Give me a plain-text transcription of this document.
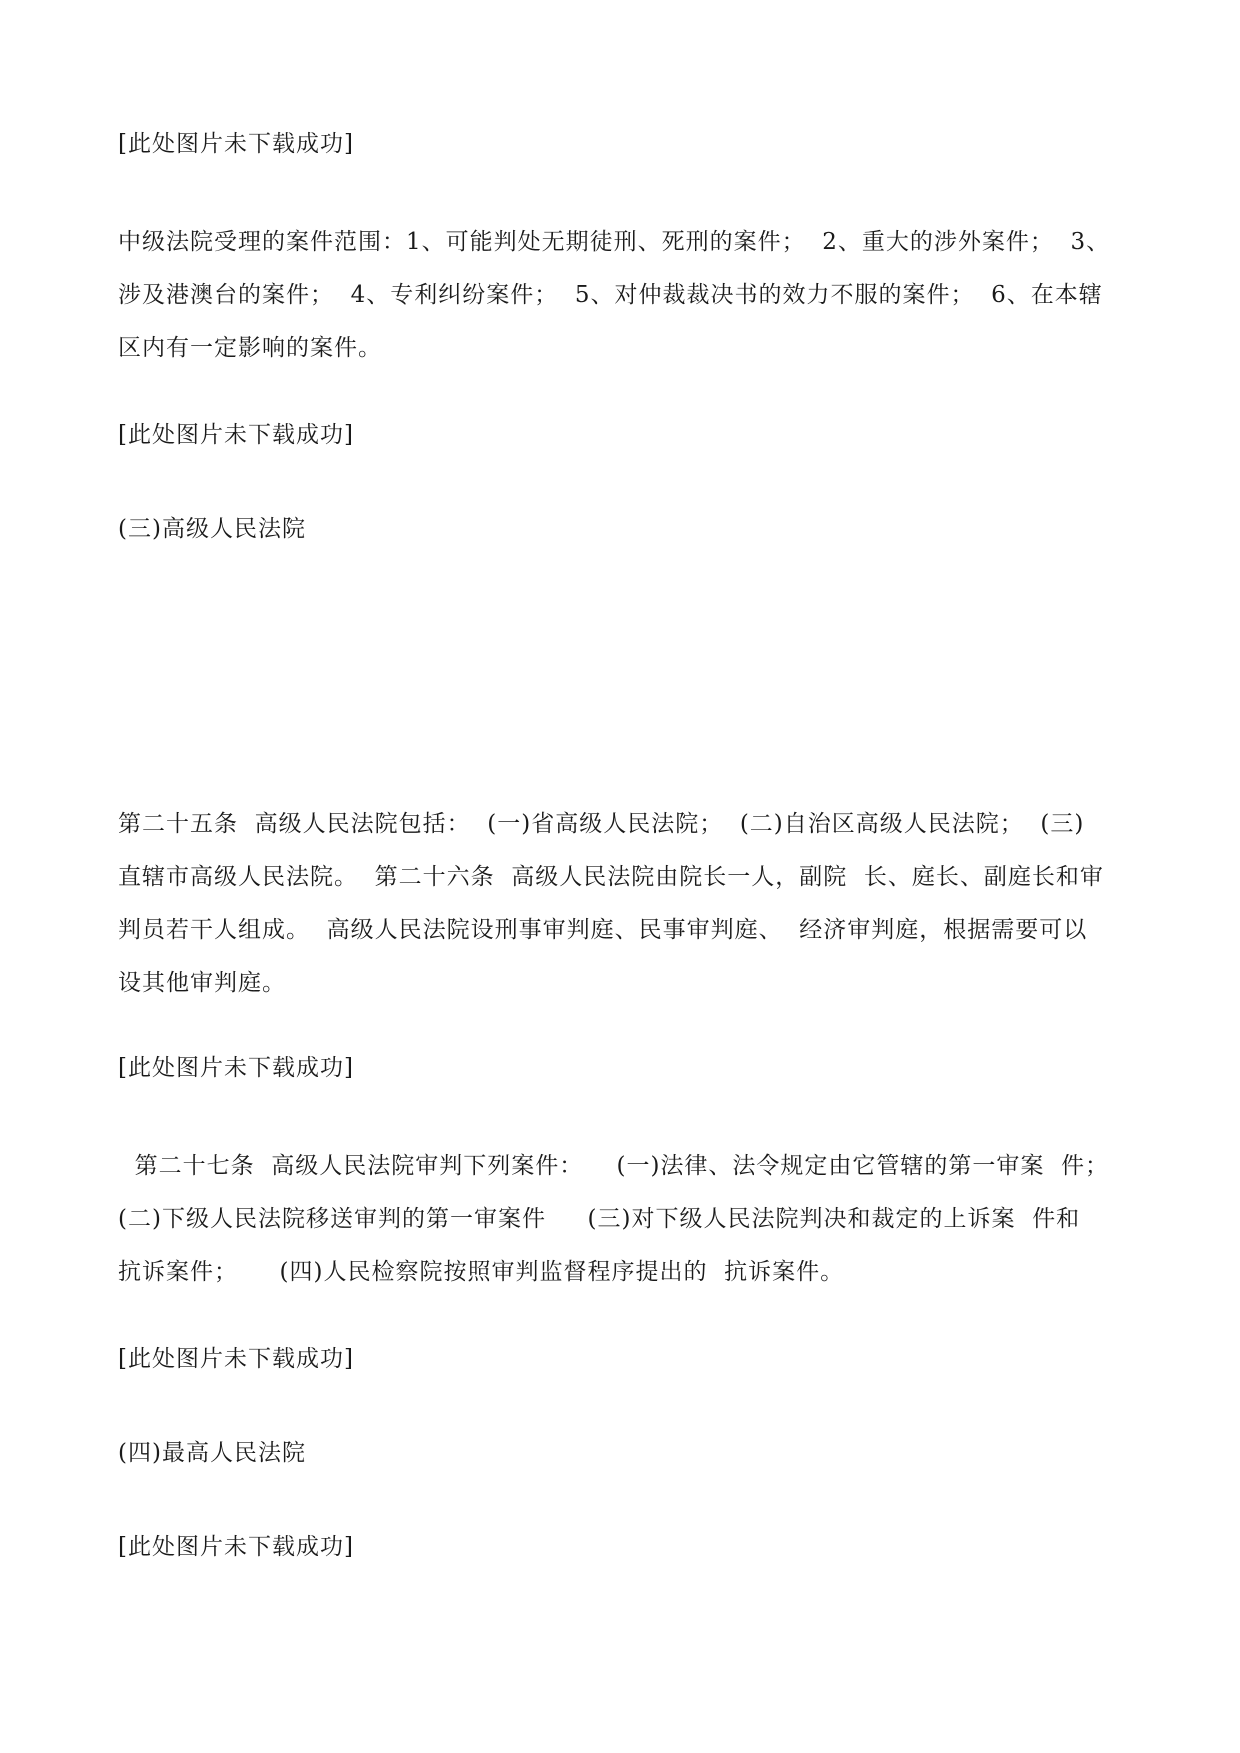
[此处图片未下载成功]
中级法院受理的案件范围：1、可能判处无期徒刑、死刑的案件；  2、重大的涉外案件；  3、
涉及港澳台的案件；  4、专利纠纷案件；  5、对仲裁裁决书的效力不服的案件；  6、在本辖
区内有一定影响的案件。
[此处图片未下载成功]
(三)高级人民法院
第二十五条  高级人民法院包括：  (一)省高级人民法院；  (二)自治区高级人民法院；  (三)
直辖市高级人民法院。  第二十六条  高级人民法院由院长一人，副院  长、庭长、副庭长和审
判员若干人组成。  高级人民法院设刑事审判庭、民事审判庭、  经济审判庭，根据需要可以
设其他审判庭。
[此处图片未下载成功]
第二十七条  高级人民法院审判下列案件：    (一)法律、法令规定由它管辖的第一审案  件；
(二)下级人民法院移送审判的第一审案件     (三)对下级人民法院判决和裁定的上诉案  件和
抗诉案件；     (四)人民检察院按照审判监督程序提出的  抗诉案件。
[此处图片未下载成功]
(四)最高人民法院
[此处图片未下载成功]
